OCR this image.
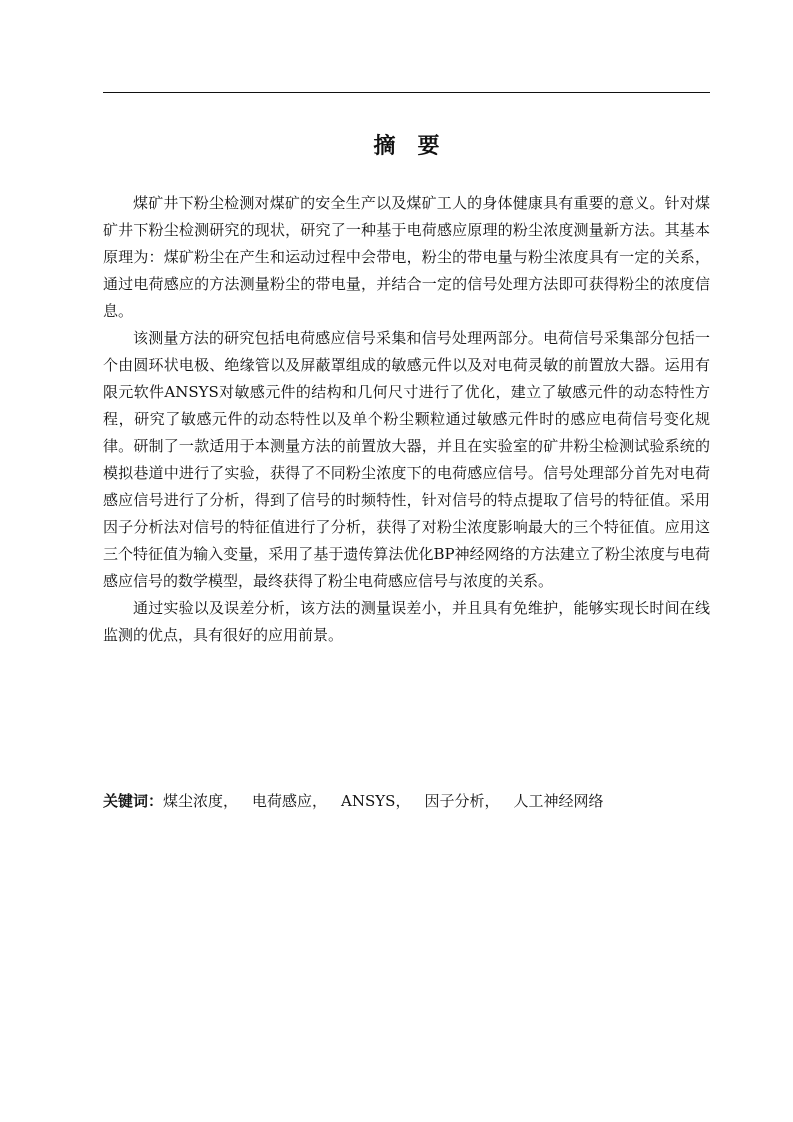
摘　要

煤矿井下粉尘检测对煤矿的安全生产以及煤矿工人的身体健康具有重要的意义。针对煤矿井下粉尘检测研究的现状，研究了一种基于电荷感应原理的粉尘浓度测量新方法。其基本原理为：煤矿粉尘在产生和运动过程中会带电，粉尘的带电量与粉尘浓度具有一定的关系，通过电荷感应的方法测量粉尘的带电量，并结合一定的信号处理方法即可获得粉尘的浓度信息。

该测量方法的研究包括电荷感应信号采集和信号处理两部分。电荷信号采集部分包括一个由圆环状电极、绝缘管以及屏蔽罩组成的敏感元件以及对电荷灵敏的前置放大器。运用有限元软件ANSYS对敏感元件的结构和几何尺寸进行了优化，建立了敏感元件的动态特性方程，研究了敏感元件的动态特性以及单个粉尘颗粒通过敏感元件时的感应电荷信号变化规律。研制了一款适用于本测量方法的前置放大器，并且在实验室的矿井粉尘检测试验系统的模拟巷道中进行了实验，获得了不同粉尘浓度下的电荷感应信号。信号处理部分首先对电荷感应信号进行了分析，得到了信号的时频特性，针对信号的特点提取了信号的特征值。采用因子分析法对信号的特征值进行了分析，获得了对粉尘浓度影响最大的三个特征值。应用这三个特征值为输入变量，采用了基于遗传算法优化BP神经网络的方法建立了粉尘浓度与电荷感应信号的数学模型，最终获得了粉尘电荷感应信号与浓度的关系。

通过实验以及误差分析，该方法的测量误差小，并且具有免维护，能够实现长时间在线监测的优点，具有很好的应用前景。

关键词：煤尘浓度， 电荷感应， ANSYS， 因子分析， 人工神经网络
